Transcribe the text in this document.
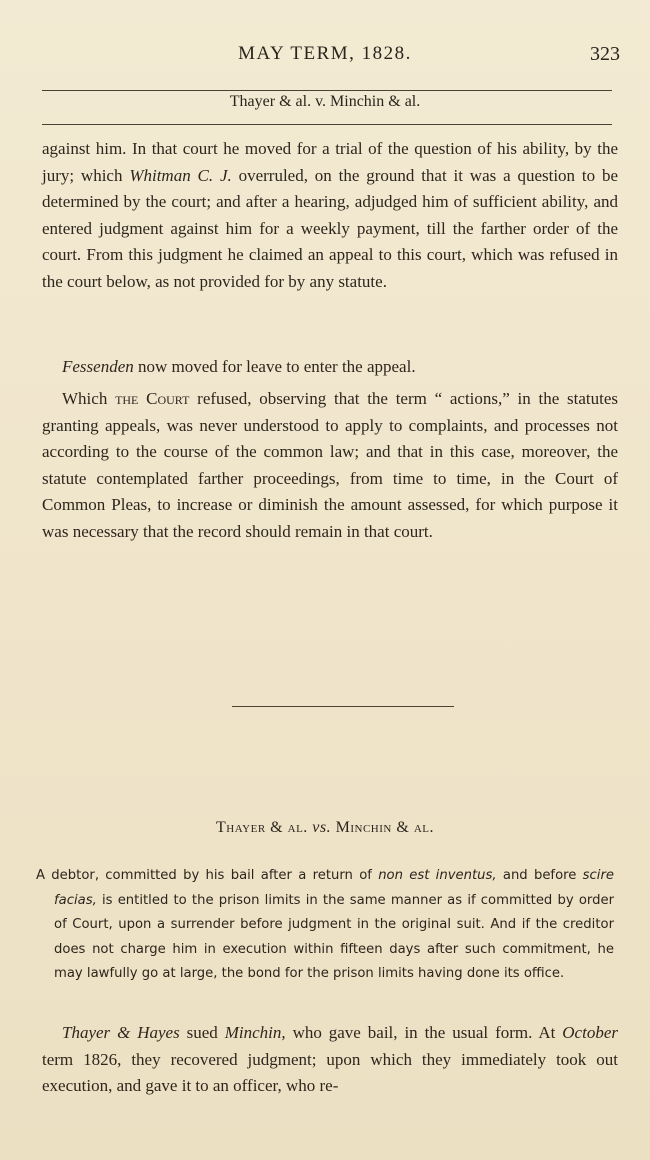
MAY TERM, 1828.	323
Thayer & al. v. Minchin & al.

against him. In that court he moved for a trial of the question of his ability, by the jury; which Whitman C. J. overruled, on the ground that it was a question to be determined by the court; and after a hearing, adjudged him of sufficient ability, and entered judgment against him for a weekly payment, till the farther order of the court. From this judgment he claimed an appeal to this court, which was refused in the court below, as not provided for by any statute.

Fessenden now moved for leave to enter the appeal.

Which the Court refused, observing that the term “ actions,” in the statutes granting appeals, was never understood to apply to complaints, and processes not according to the course of the common law; and that in this case, moreover, the statute contemplated farther proceedings, from time to time, in the Court of Common Pleas, to increase or diminish the amount assessed, for which purpose it was necessary that the record should remain in that court.

Thayer & al. vs. Minchin & al.

A debtor, committed by his bail after a return of non est inventus, and before scire facias, is entitled to the prison limits in the same manner as if committed by order of Court, upon a surrender before judgment in the original suit. And if the creditor does not charge him in execution within fifteen days after such commitment, he may lawfully go at large, the bond for the prison limits having done its office.

Thayer & Hayes sued Minchin, who gave bail, in the usual form. At October term 1826, they recovered judgment; upon which they immediately took out execution, and gave it to an officer, who re-
